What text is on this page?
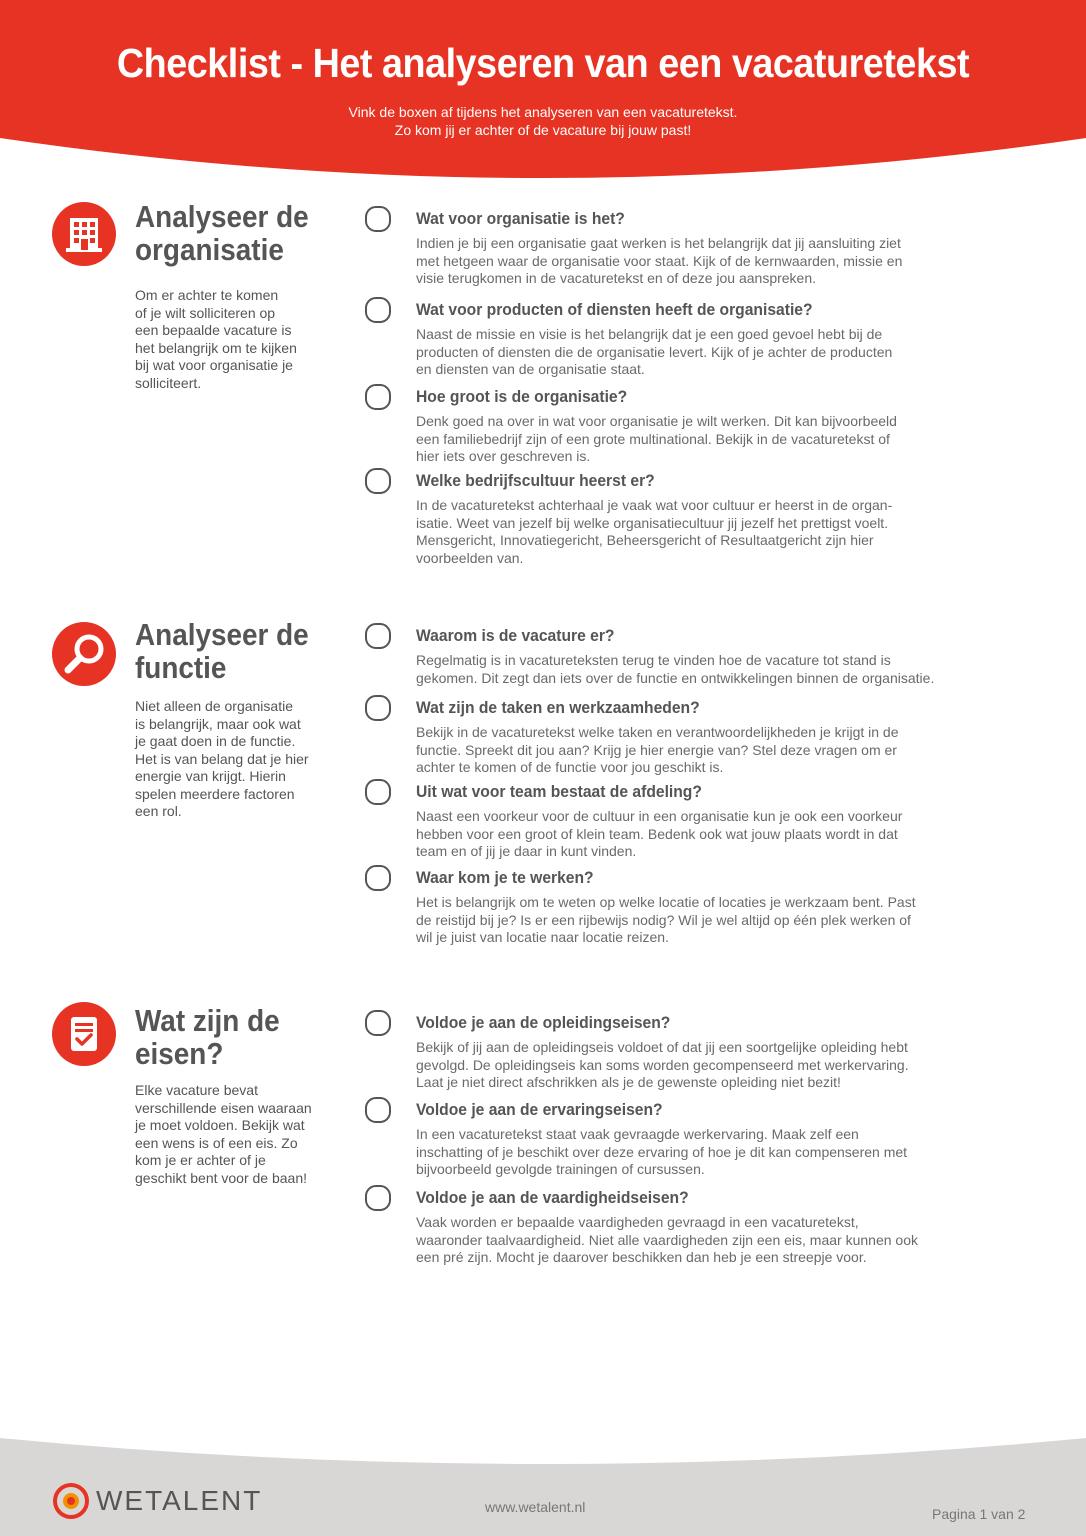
Checklist - Het analyseren van een vacaturetekst
Vink de boxen af tijdens het analyseren van een vacaturetekst.
Zo kom jij er achter of de vacature bij jouw past!
Analyseer de
organisatie
Om er achter te komen
of je wilt solliciteren op
een bepaalde vacature is
het belangrijk om te kijken
bij wat voor organisatie je
solliciteert.
Wat voor organisatie is het?
Indien je bij een organisatie gaat werken is het belangrijk dat jij aansluiting ziet
met hetgeen waar de organisatie voor staat. Kijk of de kernwaarden, missie en
visie terugkomen in de vacaturetekst en of deze jou aanspreken.
Wat voor producten of diensten heeft de organisatie?
Naast de missie en visie is het belangrijk dat je een goed gevoel hebt bij de
producten of diensten die de organisatie levert. Kijk of je achter de producten
en diensten van de organisatie staat.
Hoe groot is de organisatie?
Denk goed na over in wat voor organisatie je wilt werken. Dit kan bijvoorbeeld
een familiebedrijf zijn of een grote multinational. Bekijk in de vacaturetekst of
hier iets over geschreven is.
Welke bedrijfscultuur heerst er?
In de vacaturetekst achterhaal je vaak wat voor cultuur er heerst in de organ-
isatie. Weet van jezelf bij welke organisatiecultuur jij jezelf het prettigst voelt.
Mensgericht, Innovatiegericht, Beheersgericht of Resultaatgericht zijn hier
voorbeelden van.
Analyseer de
functie
Niet alleen de organisatie
is belangrijk, maar ook wat
je gaat doen in de functie.
Het is van belang dat je hier
energie van krijgt. Hierin
spelen meerdere factoren
een rol.
Waarom is de vacature er?
Regelmatig is in vacatureteksten terug te vinden hoe de vacature tot stand is
gekomen. Dit zegt dan iets over de functie en ontwikkelingen binnen de organisatie.
Wat zijn de taken en werkzaamheden?
Bekijk in de vacaturetekst welke taken en verantwoordelijkheden je krijgt in de
functie. Spreekt dit jou aan? Krijg je hier energie van? Stel deze vragen om er
achter te komen of de functie voor jou geschikt is.
Uit wat voor team bestaat de afdeling?
Naast een voorkeur voor de cultuur in een organisatie kun je ook een voorkeur
hebben voor een groot of klein team. Bedenk ook wat jouw plaats wordt in dat
team en of jij je daar in kunt vinden.
Waar kom je te werken?
Het is belangrijk om te weten op welke locatie of locaties je werkzaam bent. Past
de reistijd bij je? Is er een rijbewijs nodig? Wil je wel altijd op één plek werken of
wil je juist van locatie naar locatie reizen.
Wat zijn de
eisen?
Elke vacature bevat
verschillende eisen waaraan
je moet voldoen. Bekijk wat
een wens is of een eis. Zo
kom je er achter of je
geschikt bent voor de baan!
Voldoe je aan de opleidingseisen?
Bekijk of jij aan de opleidingseis voldoet of dat jij een soortgelijke opleiding hebt
gevolgd. De opleidingseis kan soms worden gecompenseerd met werkervaring.
Laat je niet direct afschrikken als je de gewenste opleiding niet bezit!
Voldoe je aan de ervaringseisen?
In een vacaturetekst staat vaak gevraagde werkervaring. Maak zelf een
inschatting of je beschikt over deze ervaring of hoe je dit kan compenseren met
bijvoorbeeld gevolgde trainingen of cursussen.
Voldoe je aan de vaardigheidseisen?
Vaak worden er bepaalde vaardigheden gevraagd in een vacaturetekst,
waaronder taalvaardigheid. Niet alle vaardigheden zijn een eis, maar kunnen ook
een pré zijn. Mocht je daarover beschikken dan heb je een streepje voor.
WETALENT	www.wetalent.nl	Pagina 1 van 2
